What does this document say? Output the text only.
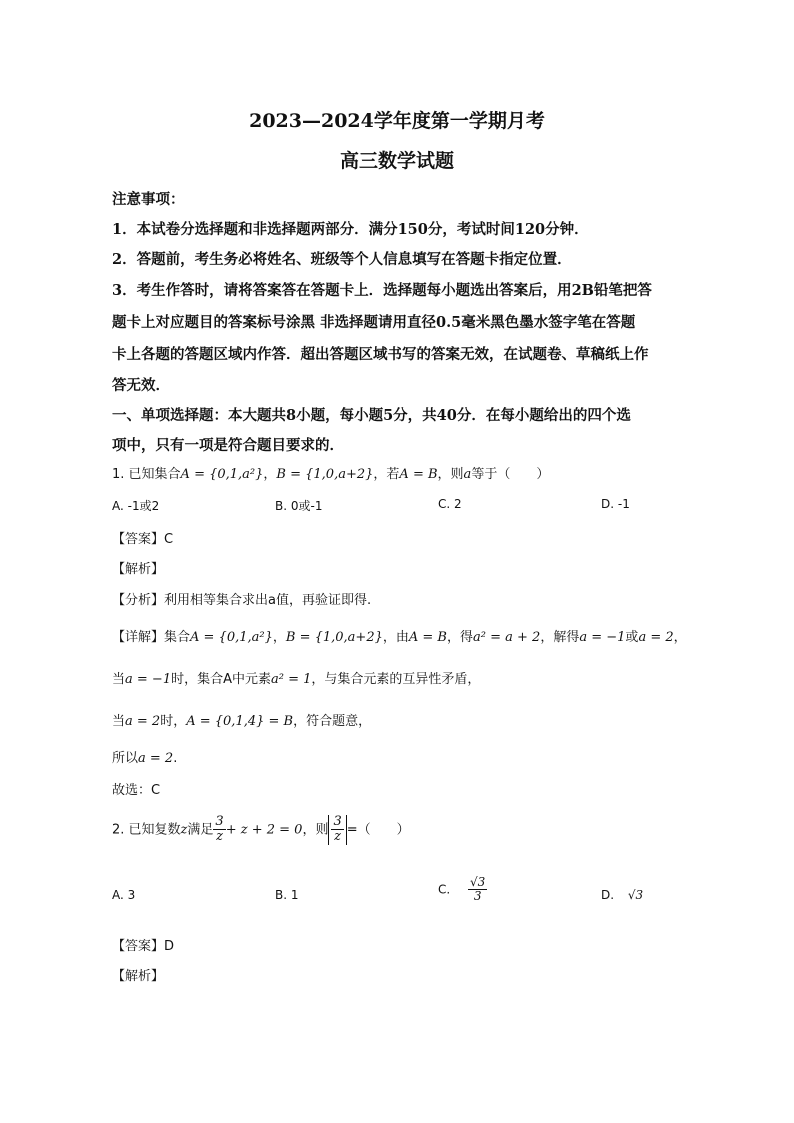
2023—2024学年度第一学期月考
高三数学试题
注意事项：
1．本试卷分选择题和非选择题两部分．满分150分，考试时间120分钟．
2．答题前，考生务必将姓名、班级等个人信息填写在答题卡指定位置．
3．考生作答时，请将答案答在答题卡上．选择题每小题选出答案后，用2B铅笔把答
题卡上对应题目的答案标号涂黑 非选择题请用直径0.5毫米黑色墨水签字笔在答题
卡上各题的答题区域内作答．超出答题区域书写的答案无效，在试题卷、草稿纸上作
答无效．
一、单项选择题：本大题共8小题，每小题5分，共40分．在每小题给出的四个选
项中，只有一项是符合题目要求的．
1. 已知集合A = {0,1,a²}，B = {1,0,a+2}，若A = B，则a等于（　　）
A. -1或2	B. 0或-1	C. 2	D. -1
【答案】C
【解析】
【分析】利用相等集合求出a值，再验证即得.
【详解】集合A = {0,1,a²}，B = {1,0,a+2}，由A = B，得a² = a + 2，解得a = −1或a = 2，
当a = −1时，集合A中元素a² = 1，与集合元素的互异性矛盾，
当a = 2时，A = {0,1,4} = B，符合题意，
所以a = 2.
故选：C
2. 已知复数z满足 $\frac{3}{z} + z + 2 = 0$，则 $\frac{3}{z}$ =（　　）
A. 3	B. 1	C. $\frac{√3}{3}$	D. √3
【答案】D
【解析】
